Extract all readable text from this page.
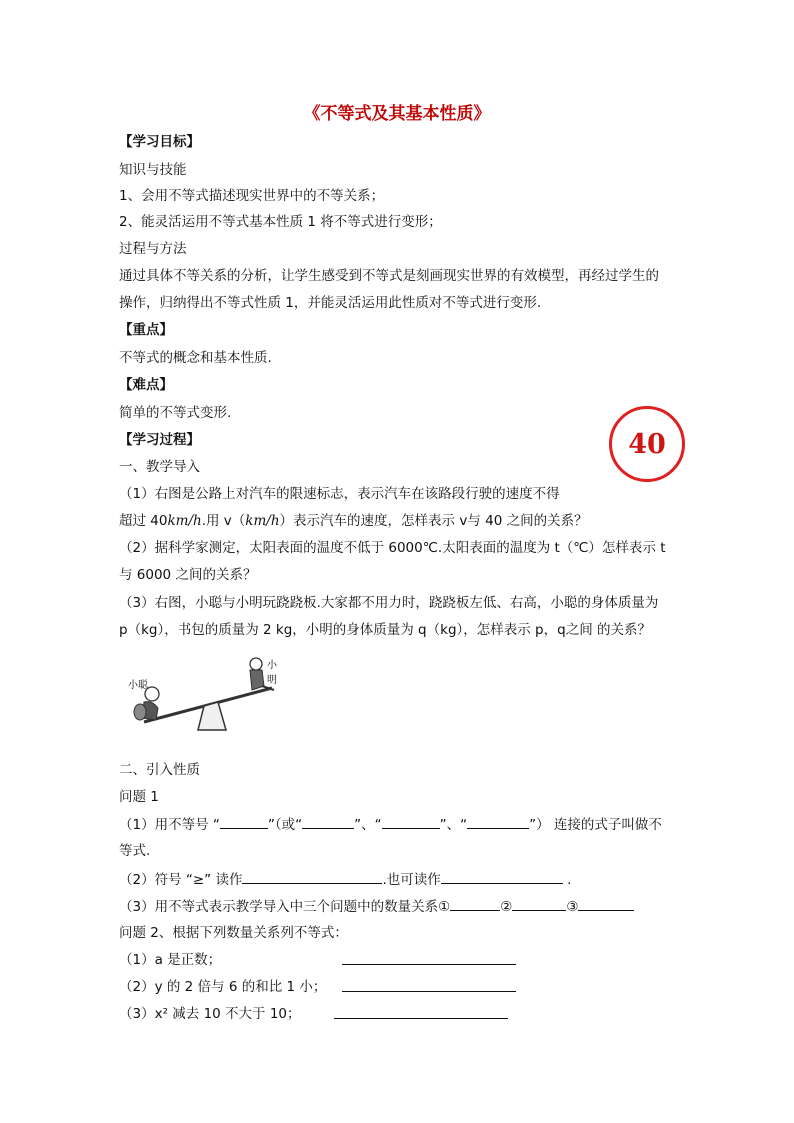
《不等式及其基本性质》
【学习目标】
知识与技能
1、会用不等式描述现实世界中的不等关系；
2、能灵活运用不等式基本性质 1 将不等式进行变形；
过程与方法
通过具体不等关系的分析，让学生感受到不等式是刻画现实世界的有效模型，再经过学生的
操作，归纳得出不等式性质 1，并能灵活运用此性质对不等式进行变形.
【重点】
不等式的概念和基本性质.
【难点】
简单的不等式变形.
【学习过程】	40
一、教学导入
（1）右图是公路上对汽车的限速标志，表示汽车在该路段行驶的速度不得
超过 40km/h.用 v（km/h）表示汽车的速度，怎样表示 v与 40 之间的关系？
（2）据科学家测定，太阳表面的温度不低于 6000℃.太阳表面的温度为 t（℃）怎样表示 t
与 6000 之间的关系？
（3）右图，小聪与小明玩跷跷板.大家都不用力时，跷跷板左低、右高，小聪的身体质量为
p（kg），书包的质量为 2 kg，小明的身体质量为 q（kg），怎样表示 p，q之间 的关系？
小聪
小明
二、引入性质
问题 1
（1）用不等号 “	”（或“	”、“	”、“	”） 连接的式子叫做不
等式.
（2）符号 “≥” 读作	.也可读作	.
（3）用不等式表示教学导入中三个问题中的数量关系①	②	③
问题 2、根据下列数量关系列不等式：
（1）a 是正数；
（2）y 的 2 倍与 6 的和比 1 小；
（3）x² 减去 10 不大于 10；
